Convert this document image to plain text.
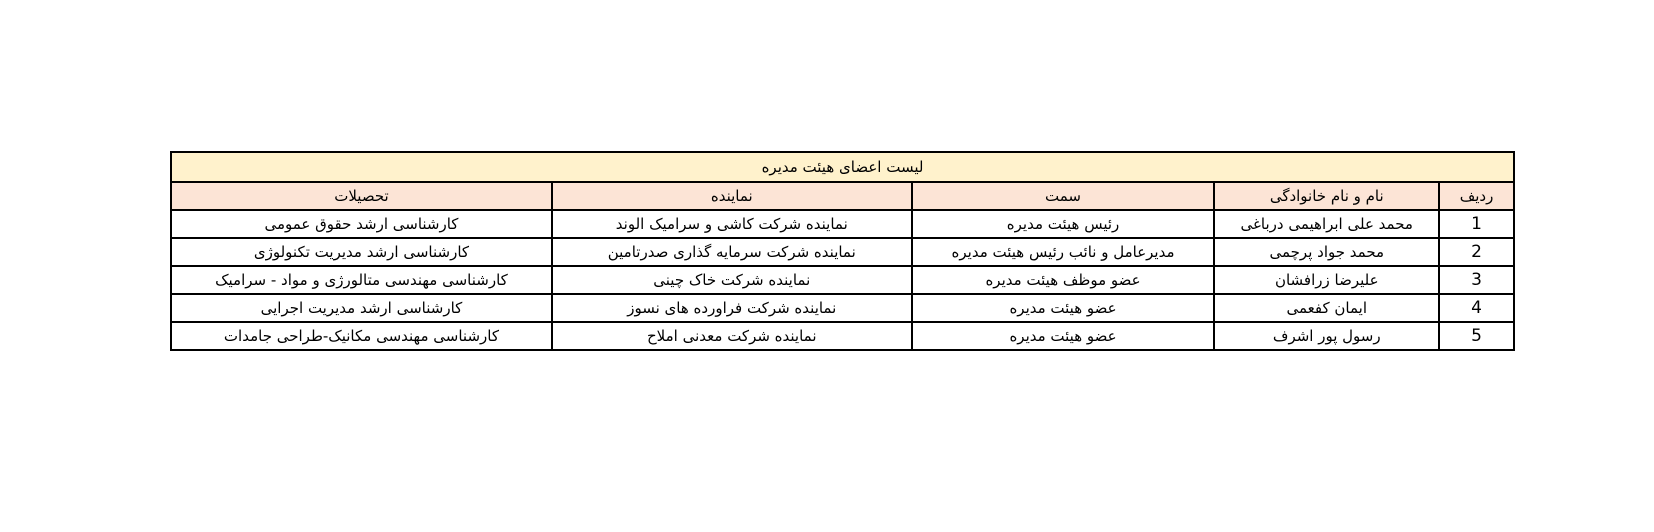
لیست اعضای هیئت مدیره				
ردیف	نام و نام خانوادگی	سمت	نماینده	تحصیلات
1	محمد علی ابراهیمی درباغی	رئیس هیئت مدیره	نماینده شرکت کاشی و سرامیک الوند	کارشناسی ارشد حقوق عمومی
2	محمد جواد پرچمی	مدیرعامل و نائب رئیس هیئت مدیره	نماینده شرکت سرمایه گذاری صدرتامین	کارشناسی ارشد مدیریت تکنولوژی
3	علیرضا زرافشان	عضو موظف هیئت مدیره	نماینده شرکت خاک چینی	کارشناسی مهندسی متالورژی و مواد - سرامیک
4	ایمان کفعمی	عضو هیئت مدیره	نماینده شرکت فراورده های نسوز	کارشناسی ارشد مدیریت اجرایی
5	رسول پور اشرف	عضو هیئت مدیره	نماینده شرکت معدنی املاح	کارشناسی مهندسی مکانیک-طراحی جامدات
